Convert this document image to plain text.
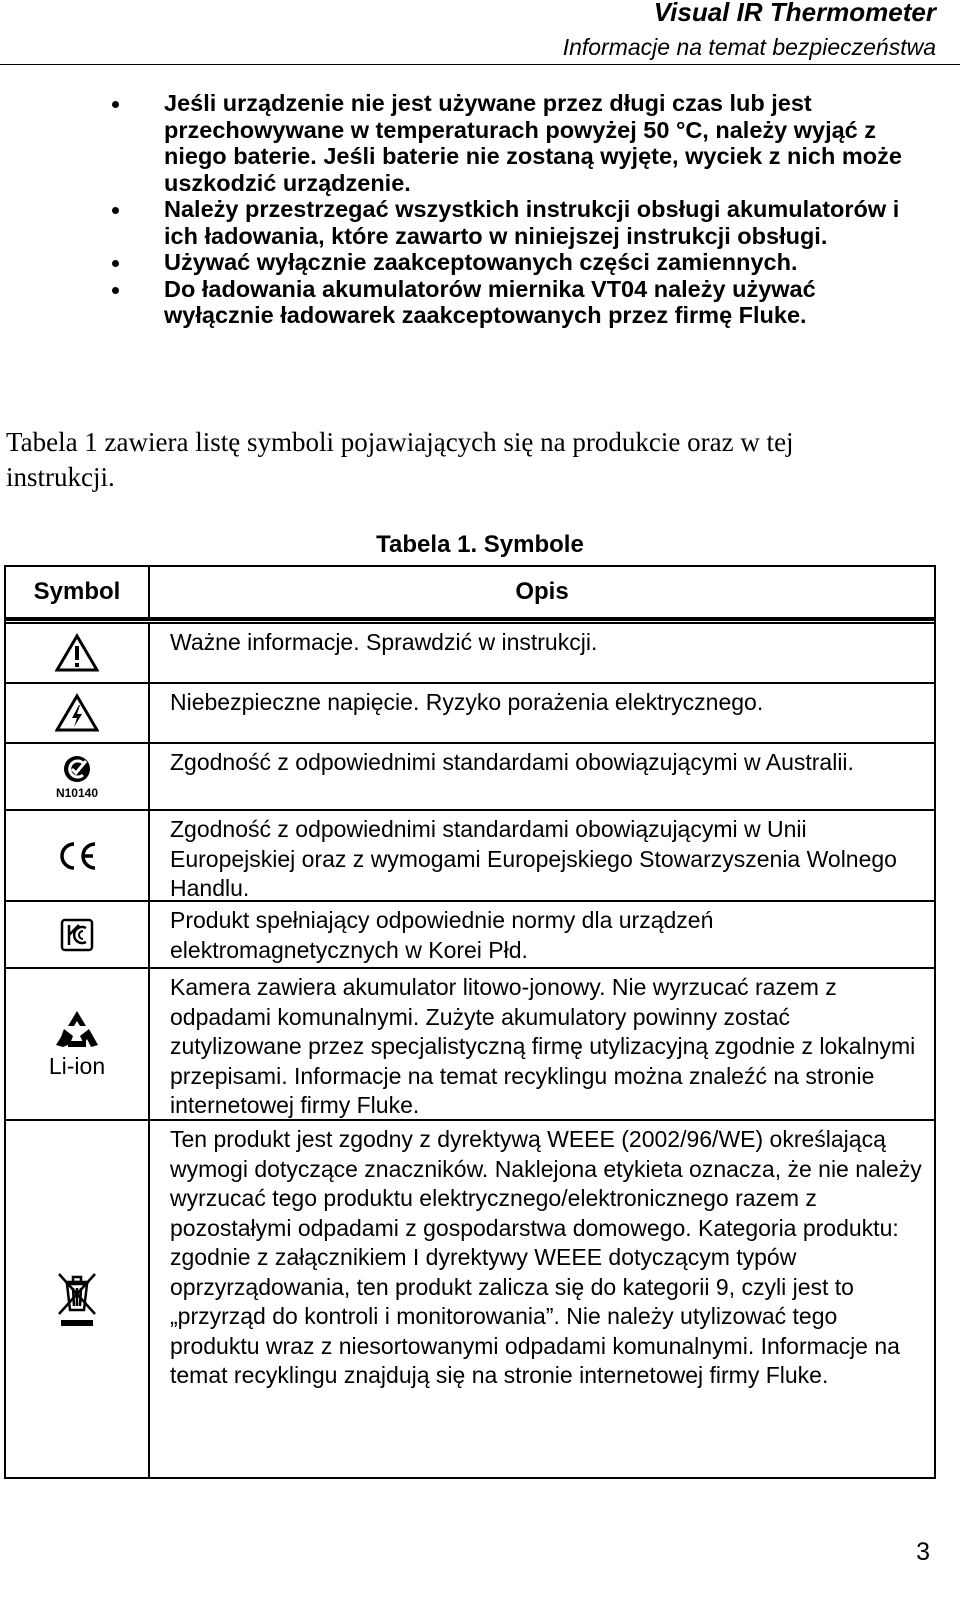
Visual IR Thermometer
Informacje na temat bezpieczeństwa
Jeśli urządzenie nie jest używane przez długi czas lub jest przechowywane w temperaturach powyżej 50 °C, należy wyjąć z niego baterie. Jeśli baterie nie zostaną wyjęte, wyciek z nich może uszkodzić urządzenie.
Należy przestrzegać wszystkich instrukcji obsługi akumulatorów i ich ładowania, które zawarto w niniejszej instrukcji obsługi.
Używać wyłącznie zaakceptowanych części zamiennych.
Do ładowania akumulatorów miernika VT04 należy używać wyłącznie ładowarek zaakceptowanych przez firmę Fluke.
Tabela 1 zawiera listę symboli pojawiających się na produkcie oraz w tej instrukcji.
Tabela 1. Symbole
Symbol	Opis
Ważne informacje. Sprawdzić w instrukcji.
Niebezpieczne napięcie. Ryzyko porażenia elektrycznego.
N10140
Zgodność z odpowiednimi standardami obowiązującymi w Australii.
Zgodność z odpowiednimi standardami obowiązującymi w Unii Europejskiej oraz z wymogami Europejskiego Stowarzyszenia Wolnego Handlu.
Produkt spełniający odpowiednie normy dla urządzeń elektromagnetycznych w Korei Płd.
Li-ion
Kamera zawiera akumulator litowo-jonowy. Nie wyrzucać razem z odpadami komunalnymi. Zużyte akumulatory powinny zostać zutylizowane przez specjalistyczną firmę utylizacyjną zgodnie z lokalnymi przepisami. Informacje na temat recyklingu można znaleźć na stronie internetowej firmy Fluke.
Ten produkt jest zgodny z dyrektywą WEEE (2002/96/WE) określającą wymogi dotyczące znaczników. Naklejona etykieta oznacza, że nie należy wyrzucać tego produktu elektrycznego/elektronicznego razem z pozostałymi odpadami z gospodarstwa domowego. Kategoria produktu: zgodnie z załącznikiem I dyrektywy WEEE dotyczącym typów oprzyrządowania, ten produkt zalicza się do kategorii 9, czyli jest to „przyrząd do kontroli i monitorowania”. Nie należy utylizować tego produktu wraz z niesortowanymi odpadami komunalnymi. Informacje na temat recyklingu znajdują się na stronie internetowej firmy Fluke.
3
